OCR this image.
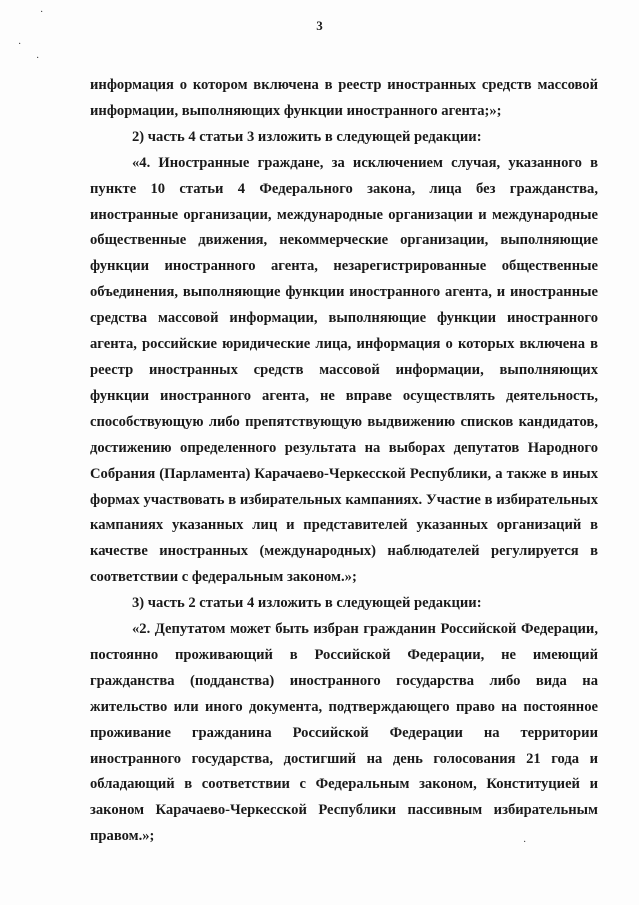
·
·
·
·
3

информация о котором включена в реестр иностранных средств массовой информации, выполняющих функции иностранного агента;»;

2) часть 4 статьи 3 изложить в следующей редакции:

«4. Иностранные граждане, за исключением случая, указанного в пункте 10 статьи 4 Федерального закона, лица без гражданства, иностранные организации, международные организации и международные общественные движения, некоммерческие организации, выполняющие функции иностранного агента, незарегистрированные общественные объединения, выполняющие функции иностранного агента, и иностранные средства массовой информации, выполняющие функции иностранного агента, российские юридические лица, информация о которых включена в реестр иностранных средств массовой информации, выполняющих функции иностранного агента, не вправе осуществлять деятельность, способствующую либо препятствующую выдвижению списков кандидатов, достижению определенного результата на выборах депутатов Народного Собрания (Парламента) Карачаево-Черкесской Республики, а также в иных формах участвовать в избирательных кампаниях. Участие в избирательных кампаниях указанных лиц и представителей указанных организаций в качестве иностранных (международных) наблюдателей регулируется в соответствии с федеральным законом.»;

3) часть 2 статьи 4 изложить в следующей редакции:

«2. Депутатом может быть избран гражданин Российской Федерации, постоянно проживающий в Российской Федерации, не имеющий гражданства (подданства) иностранного государства либо вида на жительство или иного документа, подтверждающего право на постоянное проживание гражданина Российской Федерации на территории иностранного государства, достигший на день голосования 21 года и обладающий в соответствии с Федеральным законом, Конституцией и законом Карачаево-Черкесской Республики пассивным избирательным правом.»;
